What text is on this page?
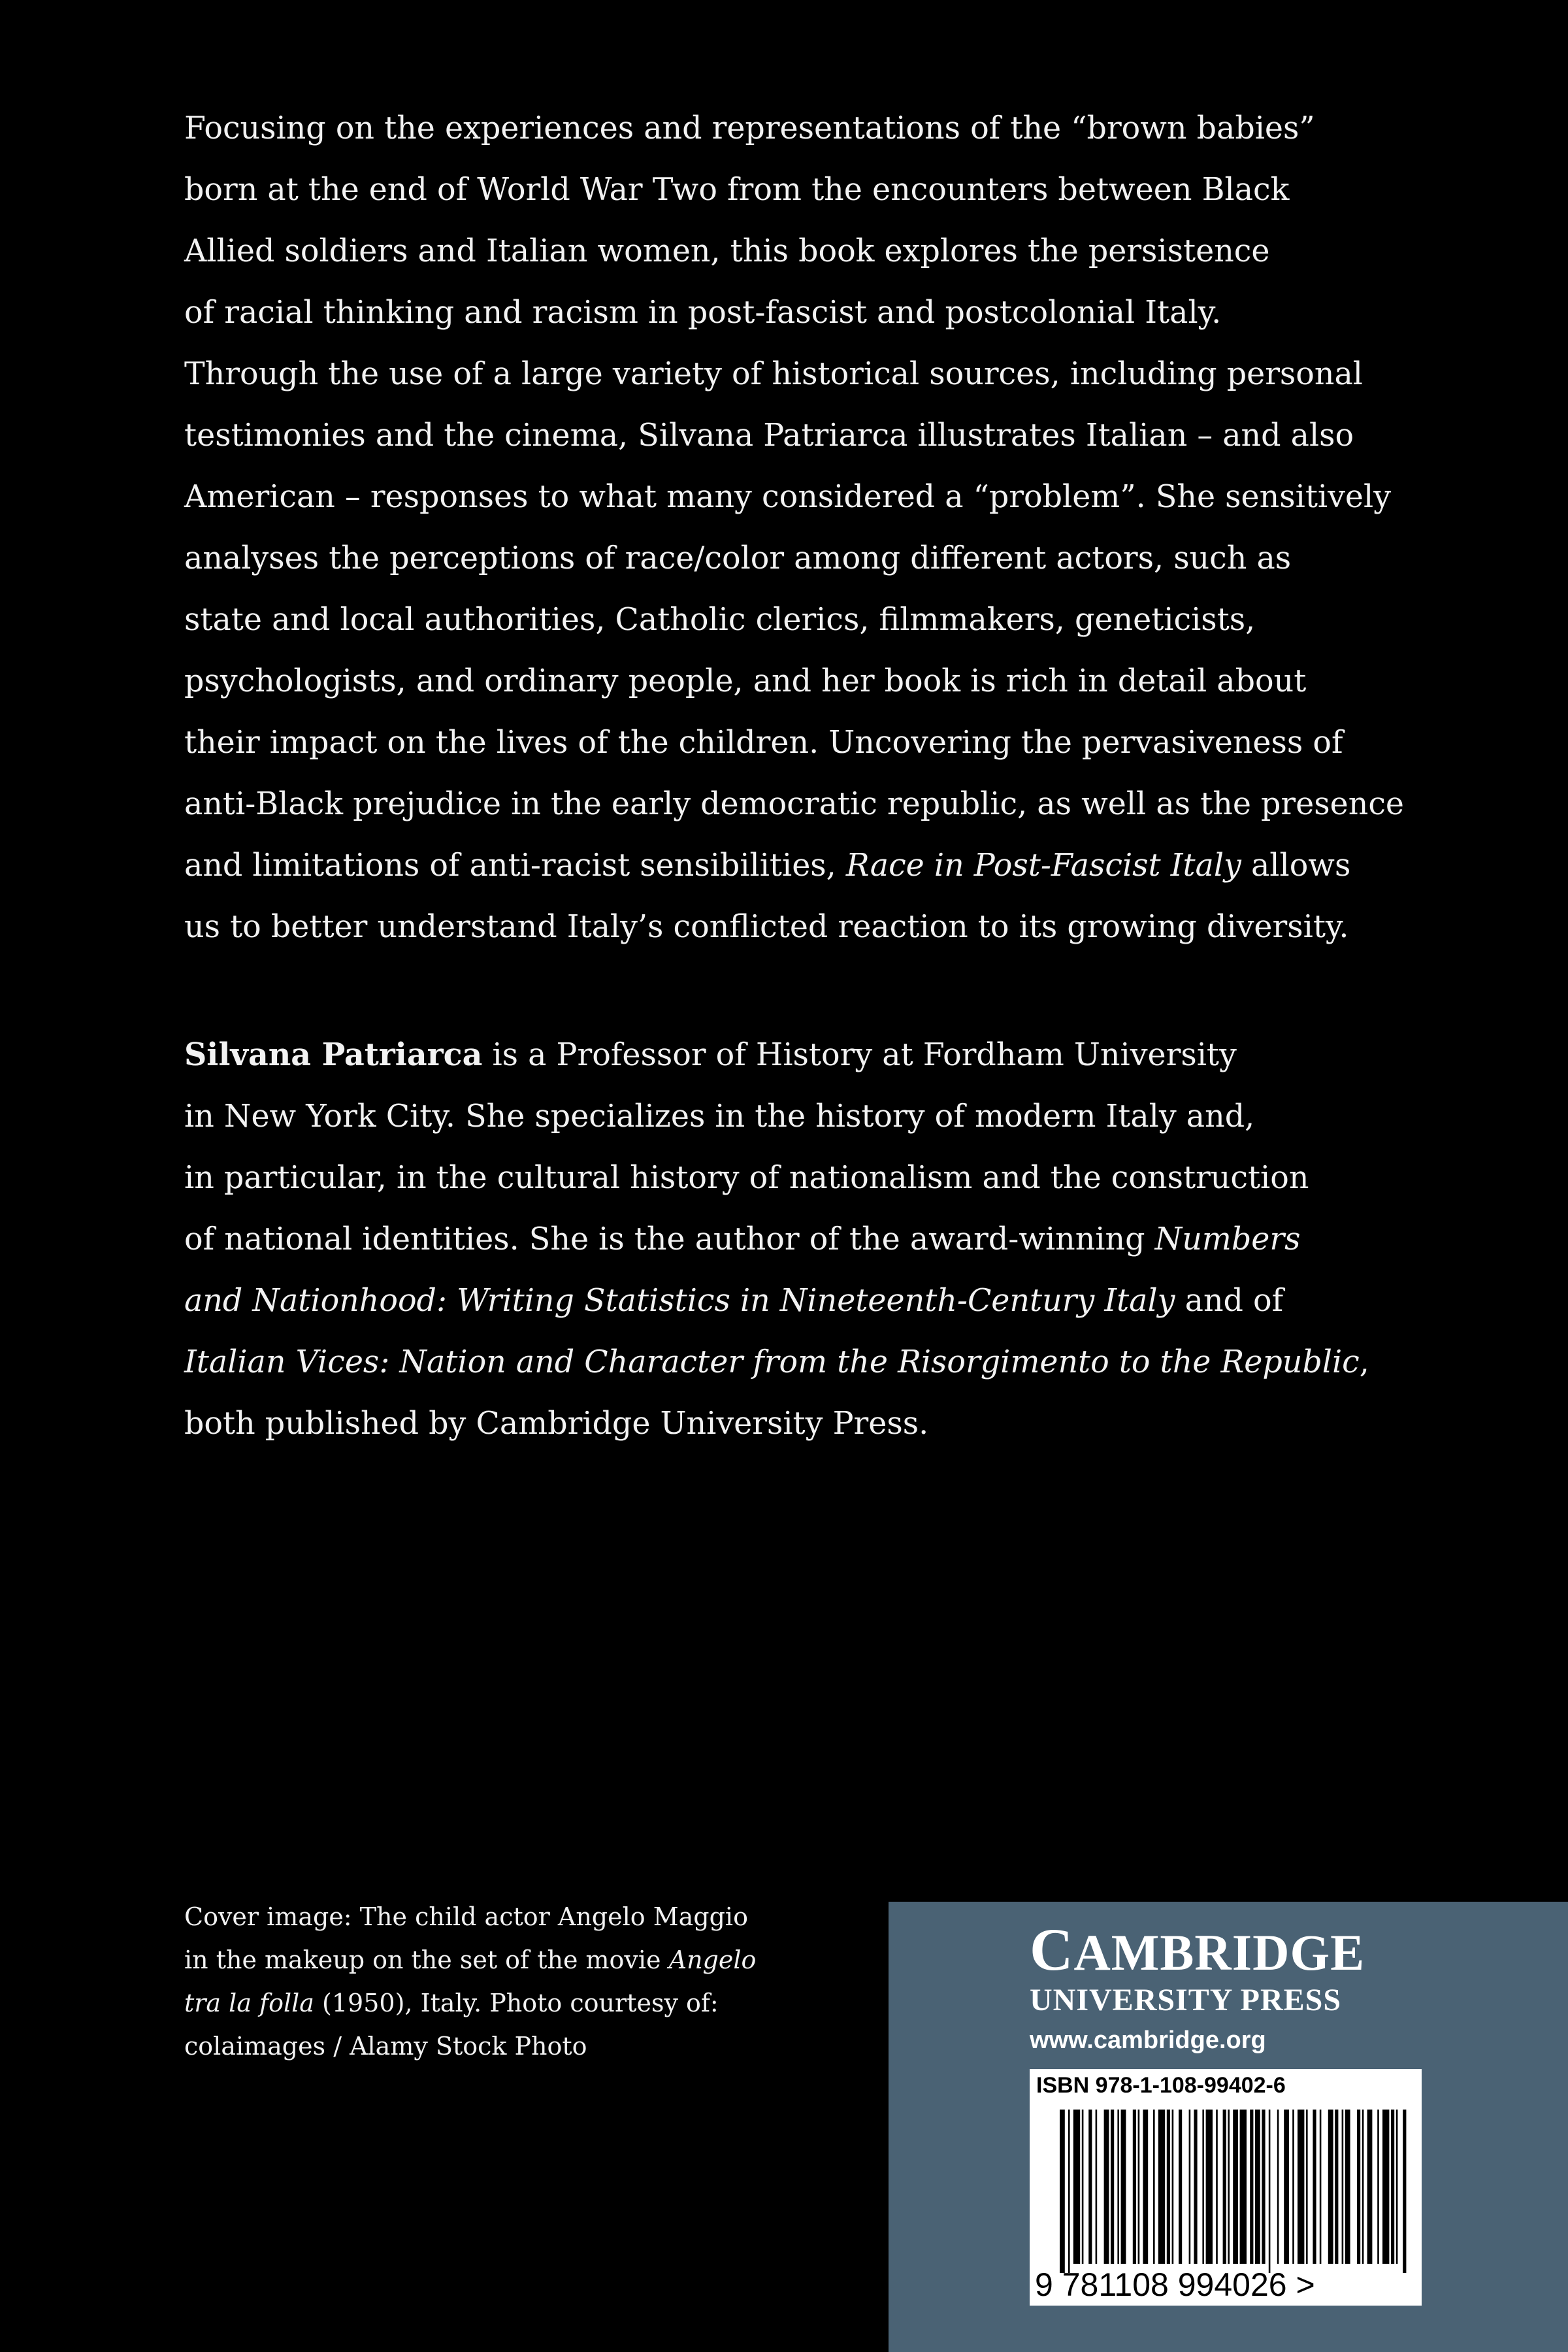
Focusing on the experiences and representations of the “brown babies”
born at the end of World War Two from the encounters between Black
Allied soldiers and Italian women, this book explores the persistence
of racial thinking and racism in post-fascist and postcolonial Italy.
Through the use of a large variety of historical sources, including personal
testimonies and the cinema, Silvana Patriarca illustrates Italian – and also
American – responses to what many considered a “problem”. She sensitively
analyses the perceptions of race/color among different actors, such as
state and local authorities, Catholic clerics, filmmakers, geneticists,
psychologists, and ordinary people, and her book is rich in detail about
their impact on the lives of the children. Uncovering the pervasiveness of
anti-Black prejudice in the early democratic republic, as well as the presence
and limitations of anti-racist sensibilities, Race in Post-Fascist Italy allows
us to better understand Italy’s conflicted reaction to its growing diversity.
Silvana Patriarca is a Professor of History at Fordham University
in New York City. She specializes in the history of modern Italy and,
in particular, in the cultural history of nationalism and the construction
of national identities. She is the author of the award-winning Numbers
and Nationhood: Writing Statistics in Nineteenth-Century Italy and of
Italian Vices: Nation and Character from the Risorgimento to the Republic,
both published by Cambridge University Press.
Cover image: The child actor Angelo Maggio
in the makeup on the set of the movie Angelo
tra la folla (1950), Italy. Photo courtesy of:
colaimages / Alamy Stock Photo
CAMBRIDGE
UNIVERSITY PRESS
www.cambridge.org
ISBN 978-1-108-99402-6
9 781108 994026 >
